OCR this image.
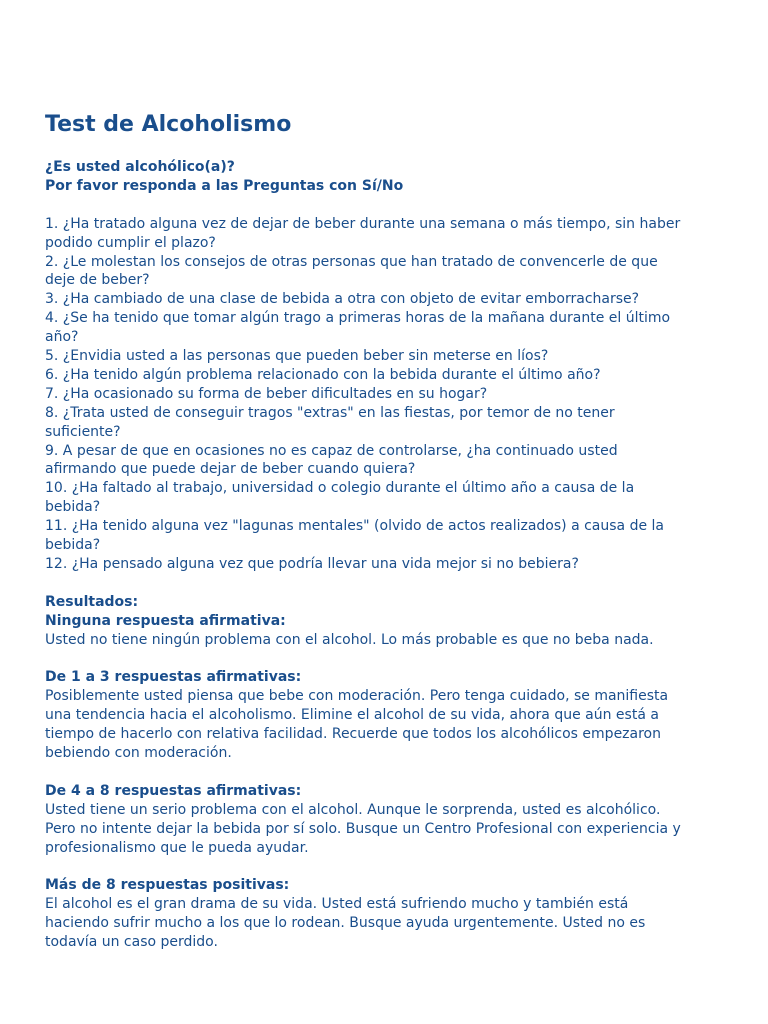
Test de Alcoholismo
¿Es usted alcohólico(a)?
Por favor responda a las Preguntas con Sí/No
1. ¿Ha tratado alguna vez de dejar de beber durante una semana o más tiempo, sin haber
podido cumplir el plazo?
2. ¿Le molestan los consejos de otras personas que han tratado de convencerle de que
deje de beber?
3. ¿Ha cambiado de una clase de bebida a otra con objeto de evitar emborracharse?
4. ¿Se ha tenido que tomar algún trago a primeras horas de la mañana durante el último
año?
5. ¿Envidia usted a las personas que pueden beber sin meterse en líos?
6. ¿Ha tenido algún problema relacionado con la bebida durante el último año?
7. ¿Ha ocasionado su forma de beber dificultades en su hogar?
8. ¿Trata usted de conseguir tragos "extras" en las fiestas, por temor de no tener
suficiente?
9. A pesar de que en ocasiones no es capaz de controlarse, ¿ha continuado usted
afirmando que puede dejar de beber cuando quiera?
10. ¿Ha faltado al trabajo, universidad o colegio durante el último año a causa de la
bebida?
11. ¿Ha tenido alguna vez "lagunas mentales" (olvido de actos realizados) a causa de la
bebida?
12. ¿Ha pensado alguna vez que podría llevar una vida mejor si no bebiera?
Resultados:
Ninguna respuesta afirmativa:
Usted no tiene ningún problema con el alcohol. Lo más probable es que no beba nada.
De 1 a 3 respuestas afirmativas:
Posiblemente usted piensa que bebe con moderación. Pero tenga cuidado, se manifiesta
una tendencia hacia el alcoholismo. Elimine el alcohol de su vida, ahora que aún está a
tiempo de hacerlo con relativa facilidad. Recuerde que todos los alcohólicos empezaron
bebiendo con moderación.
De 4 a 8 respuestas afirmativas:
Usted tiene un serio problema con el alcohol. Aunque le sorprenda, usted es alcohólico.
Pero no intente dejar la bebida por sí solo. Busque un Centro Profesional con experiencia y
profesionalismo que le pueda ayudar.
Más de 8 respuestas positivas:
El alcohol es el gran drama de su vida. Usted está sufriendo mucho y también está
haciendo sufrir mucho a los que lo rodean. Busque ayuda urgentemente. Usted no es
todavía un caso perdido.
